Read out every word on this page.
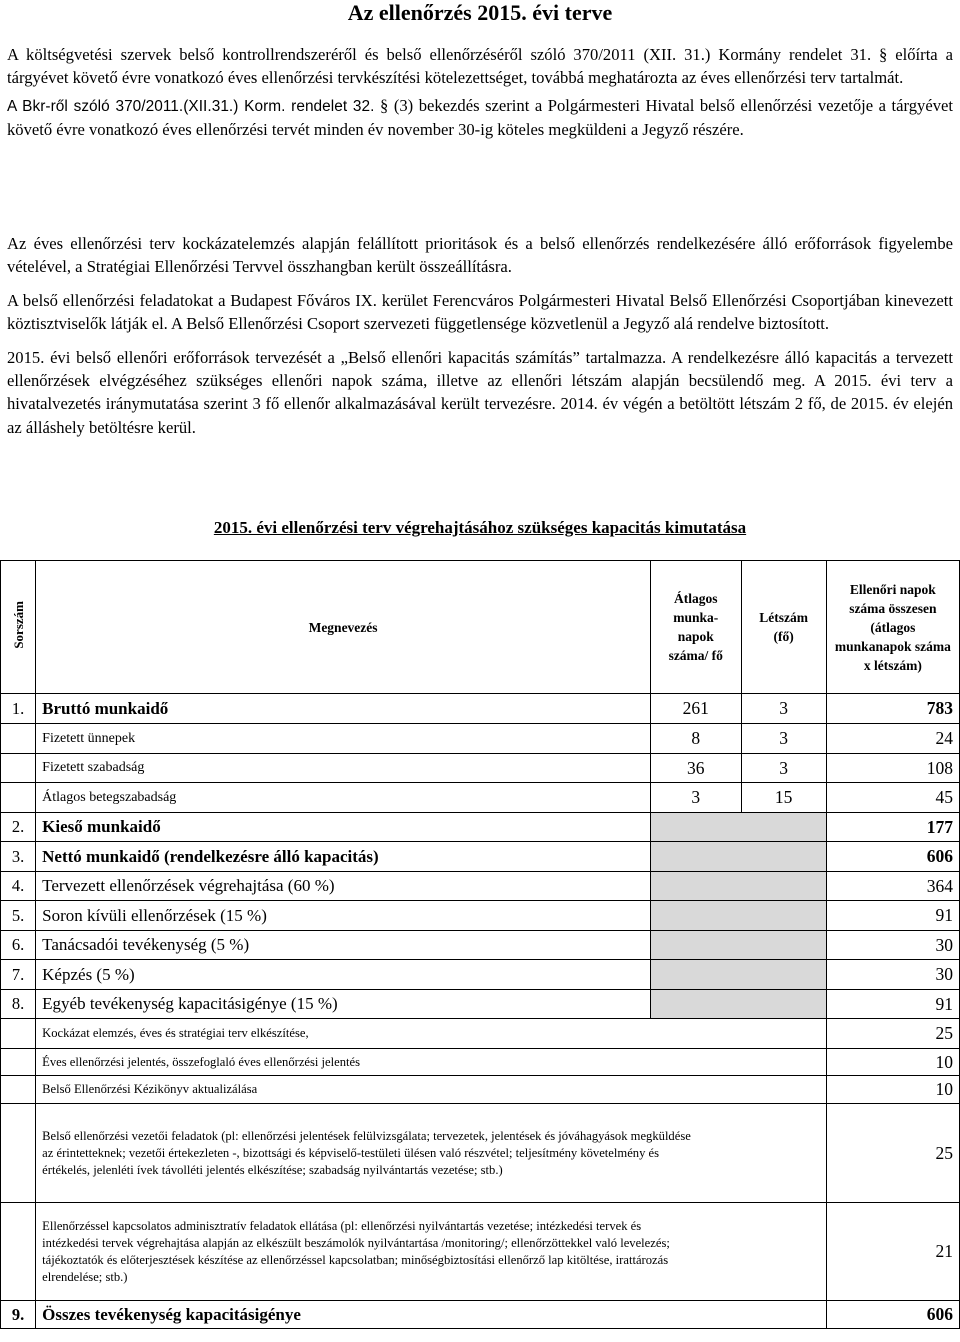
Az ellenőrzés 2015. évi terve

A költségvetési szervek belső kontrollrendszeréről és belső ellenőrzéséről szóló 370/2011 (XII. 31.) Kormány rendelet 31. § előírta a tárgyévet követő évre vonatkozó éves ellenőrzési tervkészítési kötelezettséget, továbbá meghatározta az éves ellenőrzési terv tartalmát.

A Bkr-ről szóló 370/2011.(XII.31.) Korm. rendelet 32. § (3) bekezdés szerint a Polgármesteri Hivatal belső ellenőrzési vezetője a tárgyévet követő évre vonatkozó éves ellenőrzési tervét minden év november 30-ig köteles megküldeni a Jegyző részére.

Az éves ellenőrzési terv kockázatelemzés alapján felállított prioritások és a belső ellenőrzés rendelkezésére álló erőforrások figyelembe vételével, a Stratégiai Ellenőrzési Tervvel összhangban került összeállításra.

A belső ellenőrzési feladatokat a Budapest Főváros IX. kerület Ferencváros Polgármesteri Hivatal Belső Ellenőrzési Csoportjában kinevezett köztisztviselők látják el. A Belső Ellenőrzési Csoport szervezeti függetlensége közvetlenül a Jegyző alá rendelve biztosított.

2015. évi belső ellenőri erőforrások tervezését a „Belső ellenőri kapacitás számítás” tartalmazza. A rendelkezésre álló kapacitás a tervezett ellenőrzések elvégzéséhez szükséges ellenőri napok száma, illetve az ellenőri létszám alapján becsülendő meg. A 2015. évi terv a hivatalvezetés iránymutatása szerint 3 fő ellenőr alkalmazásával került tervezésre. 2014. év végén a betöltött létszám 2 fő, de 2015. év elején az álláshely betöltésre kerül.

2015. évi ellenőrzési terv végrehajtásához szükséges kapacitás kimutatása
Sorszám	Megnevezés	Átlagos munka-napok száma/ fő	Létszám (fő)	Ellenőri napok száma összesen (átlagos munkanapok száma x létszám)
1.	Bruttó munkaidő	261	3	783
	Fizetett ünnepek	8	3	24
	Fizetett szabadság	36	3	108
	Átlagos betegszabadság	3	15	45
2.	Kieső munkaidő			177
3.	Nettó munkaidő (rendelkezésre álló kapacitás)			606
4.	Tervezett ellenőrzések végrehajtása (60 %)			364
5.	Soron kívüli ellenőrzések (15 %)			91
6.	Tanácsadói tevékenység (5 %)			30
7.	Képzés (5 %)			30
8.	Egyéb tevékenység kapacitásigénye (15 %)			91
	Kockázat elemzés, éves és stratégiai terv elkészítése,			25
	Éves ellenőrzési jelentés, összefoglaló éves ellenőrzési jelentés			10
	Belső Ellenőrzési Kézikönyv aktualizálása			10
	Belső ellenőrzési vezetői feladatok (pl: ellenőrzési jelentések felülvizsgálata; tervezetek, jelentések és jóváhagyások megküldése az érintetteknek; vezetői értekezleten -, bizottsági és képviselő-testületi ülésen való részvétel; teljesítmény követelmény és értékelés, jelenléti ívek távolléti jelentés elkészítése; szabadság nyilvántartás vezetése; stb.)			25
	Ellenőrzéssel kapcsolatos adminisztratív feladatok ellátása (pl: ellenőrzési nyilvántartás vezetése; intézkedési tervek és intézkedési tervek végrehajtása alapján az elkészült beszámolók nyilvántartása /monitoring/; ellenőrzöttekkel való levelezés; tájékoztatók és előterjesztések készítése az ellenőrzéssel kapcsolatban; minőségbiztosítási ellenőrző lap kitöltése, irattározás elrendelése; stb.)			21
9.	Összes tevékenység kapacitásigénye			606
